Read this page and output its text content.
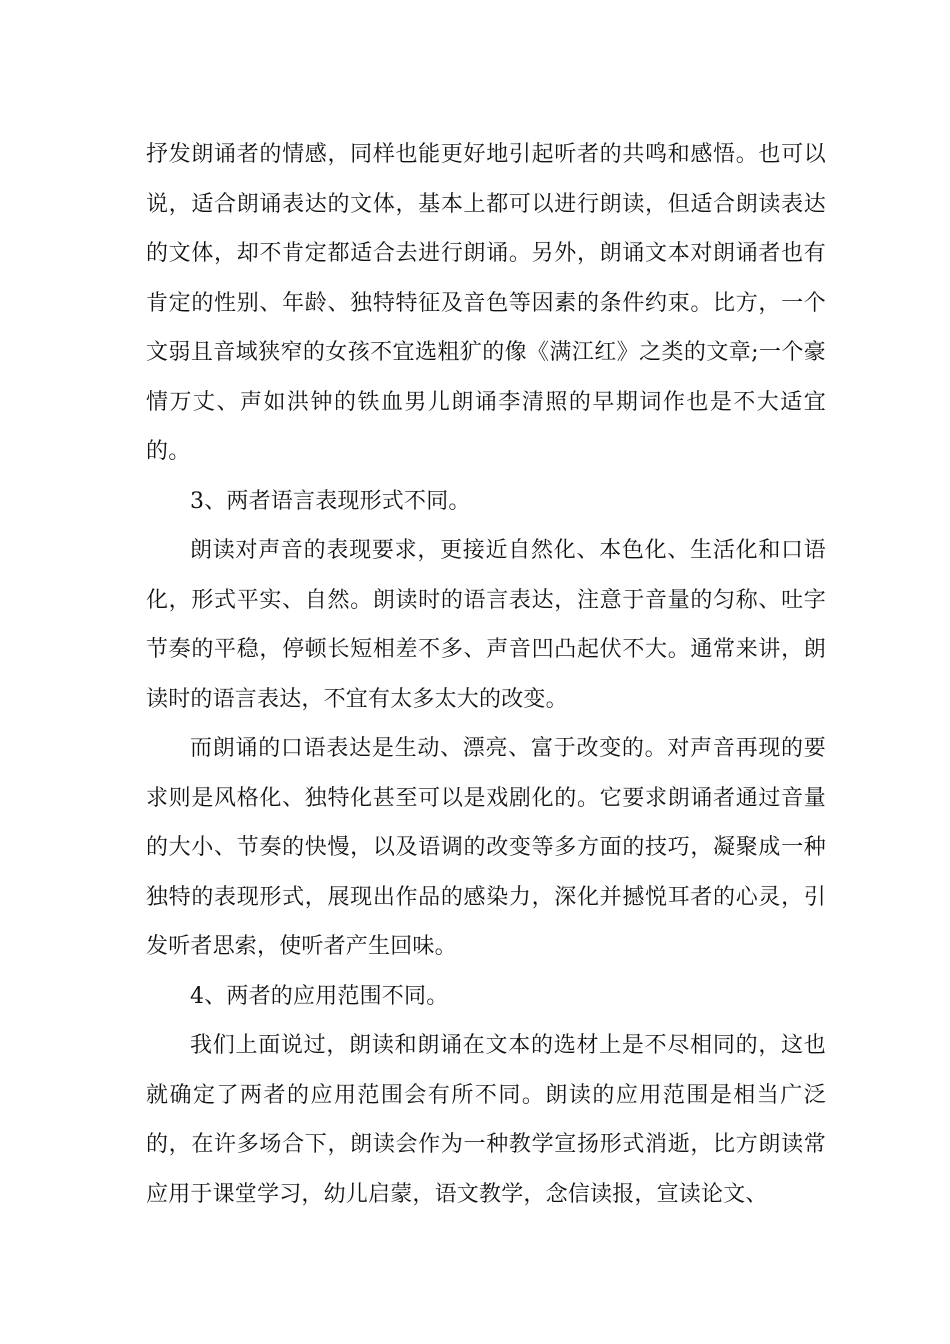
抒发朗诵者的情感，同样也能更好地引起听者的共鸣和感悟。也可以说，适合朗诵表达的文体，基本上都可以进行朗读，但适合朗读表达的文体，却不肯定都适合去进行朗诵。另外，朗诵文本对朗诵者也有肯定的性别、年龄、独特特征及音色等因素的条件约束。比方，一个文弱且音域狭窄的女孩不宜选粗犷的像《满江红》之类的文章;一个豪情万丈、声如洪钟的铁血男儿朗诵李清照的早期词作也是不大适宜的。

3、两者语言表现形式不同。

朗读对声音的表现要求，更接近自然化、本色化、生活化和口语化，形式平实、自然。朗读时的语言表达，注意于音量的匀称、吐字节奏的平稳，停顿长短相差不多、声音凹凸起伏不大。通常来讲，朗读时的语言表达，不宜有太多太大的改变。

而朗诵的口语表达是生动、漂亮、富于改变的。对声音再现的要求则是风格化、独特化甚至可以是戏剧化的。它要求朗诵者通过音量的大小、节奏的快慢，以及语调的改变等多方面的技巧，凝聚成一种独特的表现形式，展现出作品的感染力，深化并撼悦耳者的心灵，引发听者思索，使听者产生回味。

4、两者的应用范围不同。

我们上面说过，朗读和朗诵在文本的选材上是不尽相同的，这也就确定了两者的应用范围会有所不同。朗读的应用范围是相当广泛的，在许多场合下，朗读会作为一种教学宣扬形式消逝，比方朗读常应用于课堂学习，幼儿启蒙，语文教学，念信读报，宣读论文、
